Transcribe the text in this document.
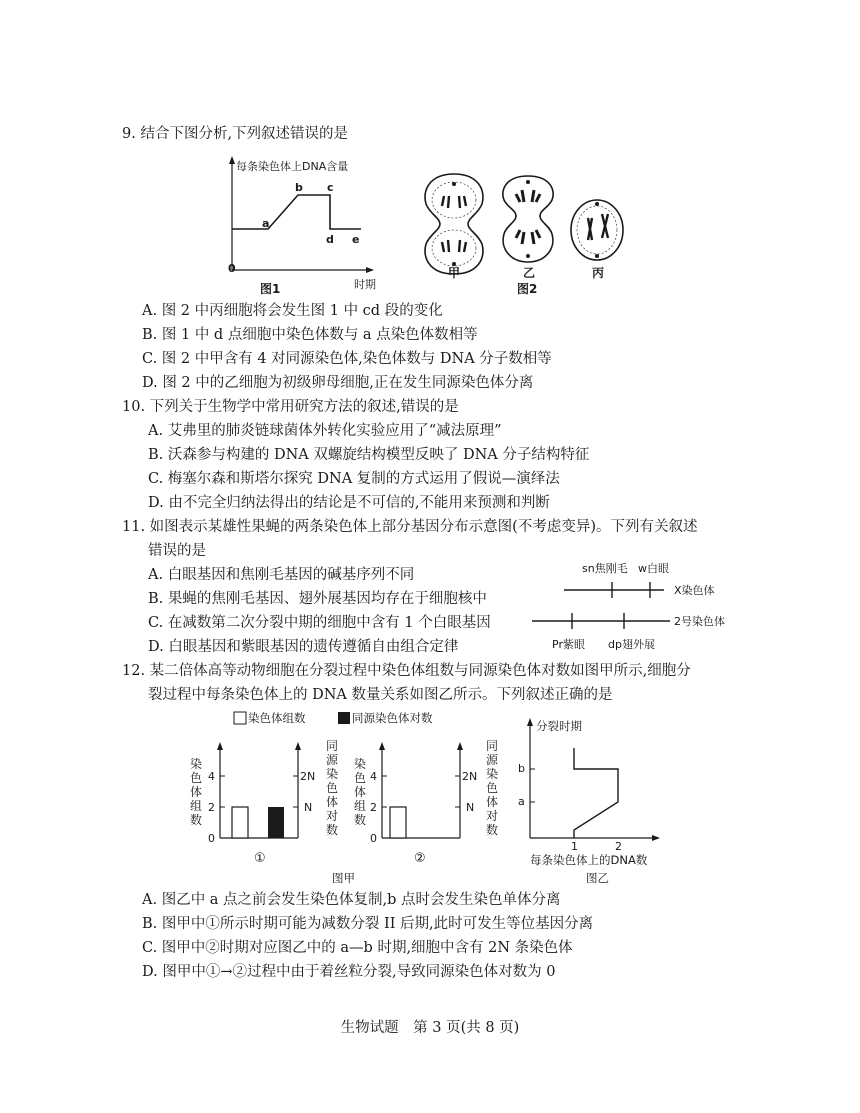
9. 结合下图分析,下列叙述错误的是
每条染色体上DNA含量
时期
0
a
b c
d e
图1
甲	乙	丙
图2
A. 图 2 中丙细胞将会发生图 1 中 cd 段的变化
B. 图 1 中 d 点细胞中染色体数与 a 点染色体数相等
C. 图 2 中甲含有 4 对同源染色体,染色体数与 DNA 分子数相等
D. 图 2 中的乙细胞为初级卵母细胞,正在发生同源染色体分离
10. 下列关于生物学中常用研究方法的叙述,错误的是
A. 艾弗里的肺炎链球菌体外转化实验应用了“减法原理”
B. 沃森参与构建的 DNA 双螺旋结构模型反映了 DNA 分子结构特征
C. 梅塞尔森和斯塔尔探究 DNA 复制的方式运用了假说—演绎法
D. 由不完全归纳法得出的结论是不可信的,不能用来预测和判断
11. 如图表示某雄性果蝇的两条染色体上部分基因分布示意图(不考虑变异)。下列有关叙述
错误的是
A. 白眼基因和焦刚毛基因的碱基序列不同
B. 果蝇的焦刚毛基因、翅外展基因均存在于细胞核中
C. 在减数第二次分裂中期的细胞中含有 1 个白眼基因
D. 白眼基因和紫眼基因的遗传遵循自由组合定律
sn焦刚毛 w白眼
X染色体
2号染色体
Pr紫眼 dp翅外展
12. 某二倍体高等动物细胞在分裂过程中染色体组数与同源染色体对数如图甲所示,细胞分
裂过程中每条染色体上的 DNA 数量关系如图乙所示。下列叙述正确的是
染色体组数	同源染色体对数
0
2
4
N
2N
染
色
体
组
数
同
源
染
色
体
对
数
①
0
2
4
N
2N
染
色
体
组
数
同
源
染
色
体
对
数
②
图甲
分裂时期
b
a
1	2
每条染色体上的DNA数
图乙
A. 图乙中 a 点之前会发生染色体复制,b 点时会发生染色单体分离
B. 图甲中①所示时期可能为减数分裂 II 后期,此时可发生等位基因分离
C. 图甲中②时期对应图乙中的 a—b 时期,细胞中含有 2N 条染色体
D. 图甲中①→②过程中由于着丝粒分裂,导致同源染色体对数为 0
生物试题　第 3 页(共 8 页)
